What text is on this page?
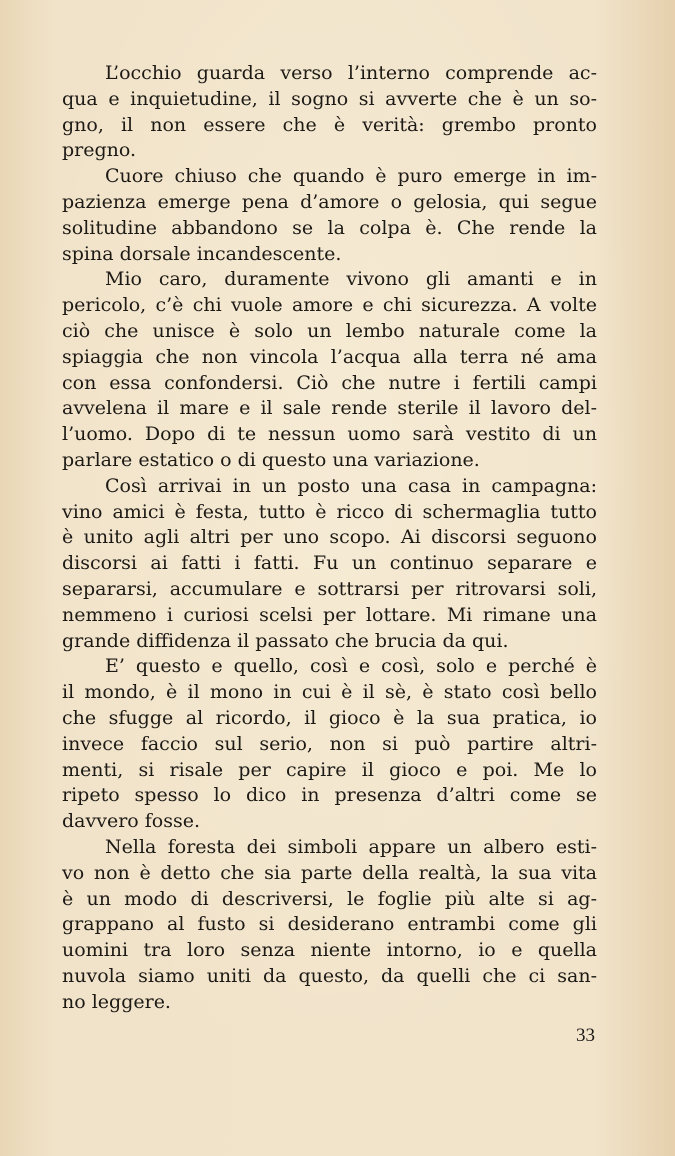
L’occhio guarda verso l’interno comprende ac-
qua e inquietudine, il sogno si avverte che è un so-
gno, il non essere che è verità: grembo pronto
pregno.
Cuore chiuso che quando è puro emerge in im-
pazienza emerge pena d’amore o gelosia, qui segue
solitudine abbandono se la colpa è. Che rende la
spina dorsale incandescente.
Mio caro, duramente vivono gli amanti e in
pericolo, c’è chi vuole amore e chi sicurezza. A volte
ciò che unisce è solo un lembo naturale come la
spiaggia che non vincola l’acqua alla terra né ama
con essa confondersi. Ciò che nutre i fertili campi
avvelena il mare e il sale rende sterile il lavoro del-
l’uomo. Dopo di te nessun uomo sarà vestito di un
parlare estatico o di questo una variazione.
Così arrivai in un posto una casa in campagna:
vino amici è festa, tutto è ricco di schermaglia tutto
è unito agli altri per uno scopo. Ai discorsi seguono
discorsi ai fatti i fatti. Fu un continuo separare e
separarsi, accumulare e sottrarsi per ritrovarsi soli,
nemmeno i curiosi scelsi per lottare. Mi rimane una
grande diffidenza il passato che brucia da qui.
E’ questo e quello, così e così, solo e perché è
il mondo, è il mono in cui è il sè, è stato così bello
che sfugge al ricordo, il gioco è la sua pratica, io
invece faccio sul serio, non si può partire altri-
menti, si risale per capire il gioco e poi. Me lo
ripeto spesso lo dico in presenza d’altri come se
davvero fosse.
Nella foresta dei simboli appare un albero esti-
vo non è detto che sia parte della realtà, la sua vita
è un modo di descriversi, le foglie più alte si ag-
grappano al fusto si desiderano entrambi come gli
uomini tra loro senza niente intorno, io e quella
nuvola siamo uniti da questo, da quelli che ci san-
no leggere.
33
